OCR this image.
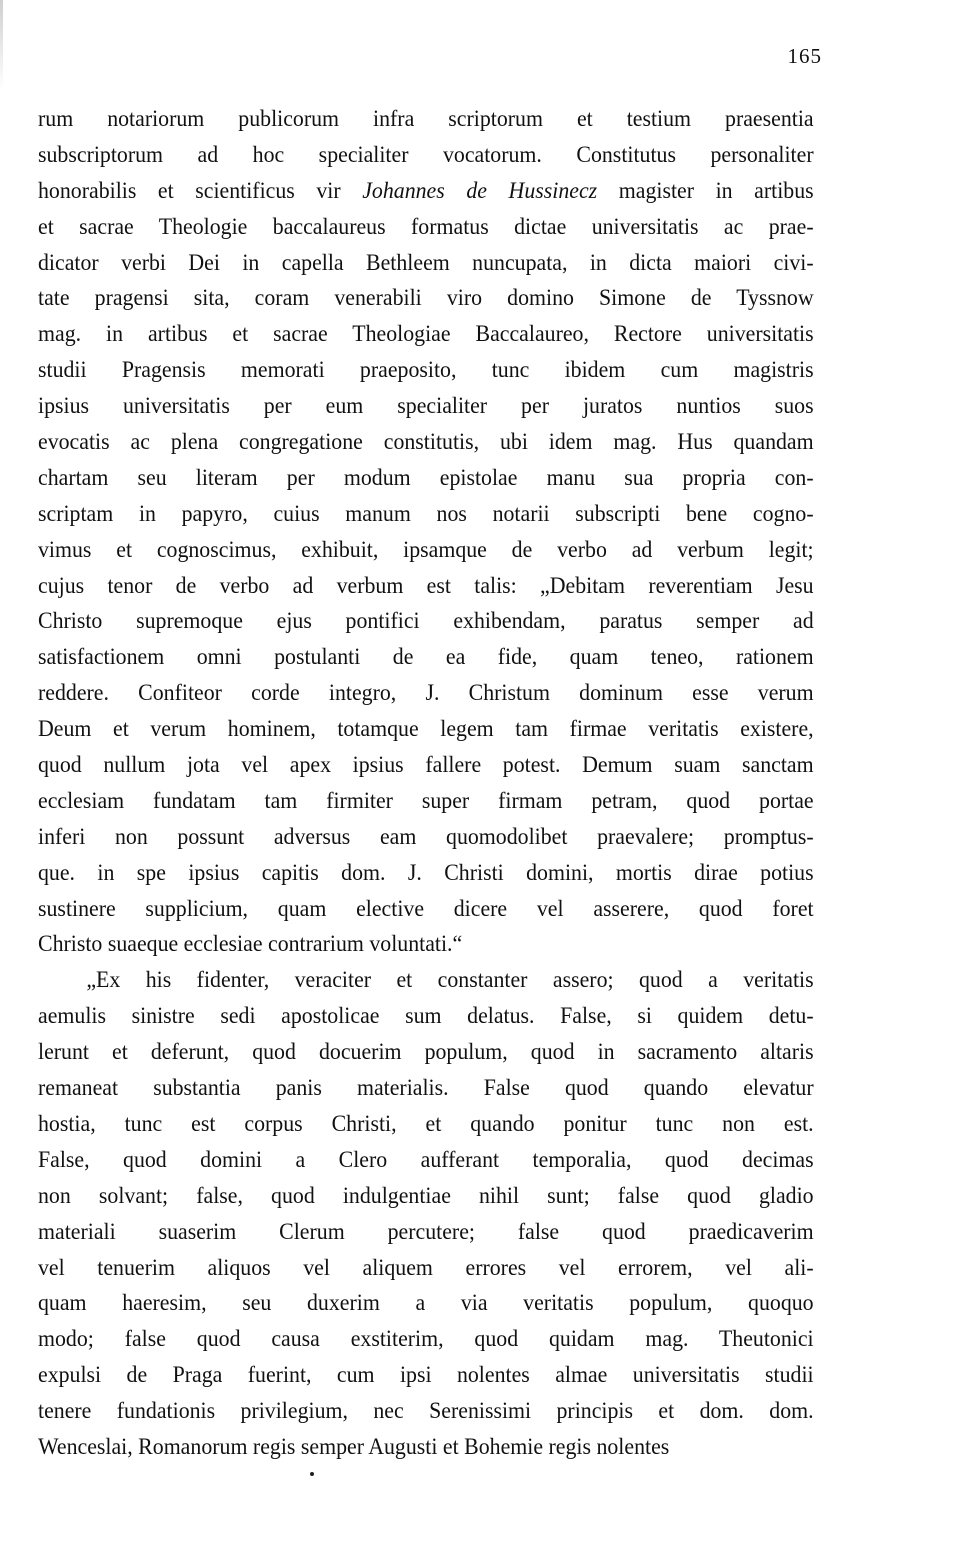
165
rum notariorum publicorum infra scriptorum et testium praesentia
subscriptorum ad hoc specialiter vocatorum. Constitutus personaliter
honorabilis et scientificus vir Johannes de Hussinecz magister in artibus
et sacrae Theologie baccalaureus formatus dictae universitatis ac prae-
dicator verbi Dei in capella Bethleem nuncupata, in dicta maiori civi-
tate pragensi sita, coram venerabili viro domino Simone de Tyssnow
mag. in artibus et sacrae Theologiae Baccalaureo, Rectore universitatis
studii Pragensis memorati praeposito, tunc ibidem cum magistris
ipsius universitatis per eum specialiter per juratos nuntios suos
evocatis ac plena congregatione constitutis, ubi idem mag. Hus quandam
chartam seu literam per modum epistolae manu sua propria con-
scriptam in papyro, cuius manum nos notarii subscripti bene cogno-
vimus et cognoscimus, exhibuit, ipsamque de verbo ad verbum legit;
cujus tenor de verbo ad verbum est talis: „Debitam reverentiam Jesu
Christo supremoque ejus pontifici exhibendam, paratus semper ad
satisfactionem omni postulanti de ea fide, quam teneo, rationem
reddere. Confiteor corde integro, J. Christum dominum esse verum
Deum et verum hominem, totamque legem tam firmae veritatis existere,
quod nullum jota vel apex ipsius fallere potest. Demum suam sanctam
ecclesiam fundatam tam firmiter super firmam petram, quod portae
inferi non possunt adversus eam quomodolibet praevalere; promptus-
que. in spe ipsius capitis dom. J. Christi domini, mortis dirae potius
sustinere supplicium, quam elective dicere vel asserere, quod foret
Christo suaeque ecclesiae contrarium voluntati.“
„Ex his fidenter, veraciter et constanter assero; quod a veritatis
aemulis sinistre sedi apostolicae sum delatus. False, si quidem detu-
lerunt et deferunt, quod docuerim populum, quod in sacramento altaris
remaneat substantia panis materialis. False quod quando elevatur
hostia, tunc est corpus Christi, et quando ponitur tunc non est.
False, quod domini a Clero aufferant temporalia, quod decimas
non solvant; false, quod indulgentiae nihil sunt; false quod gladio
materiali suaserim Clerum percutere; false quod praedicaverim
vel tenuerim aliquos vel aliquem errores vel errorem, vel ali-
quam haeresim, seu duxerim a via veritatis populum, quoquo
modo; false quod causa exstiterim, quod quidam mag. Theutonici
expulsi de Praga fuerint, cum ipsi nolentes almae universitatis studii
tenere fundationis privilegium, nec Serenissimi principis et dom. dom.
Wenceslai, Romanorum regis semper Augusti et Bohemie regis nolentes
